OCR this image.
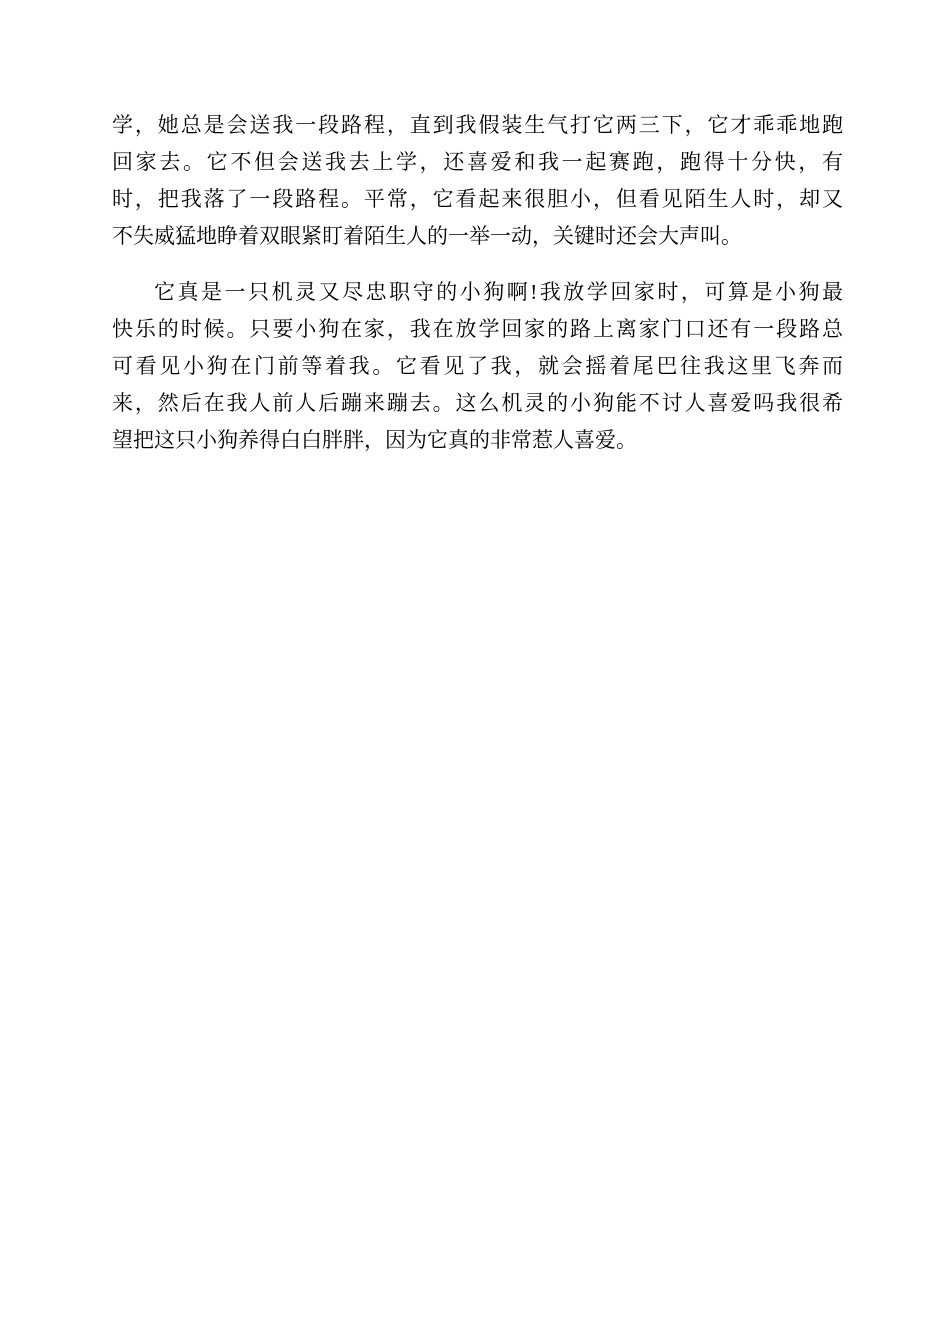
学，她总是会送我一段路程，直到我假装生气打它两三下，它才乖乖地跑
回家去。它不但会送我去上学，还喜爱和我一起赛跑，跑得十分快，有
时，把我落了一段路程。平常，它看起来很胆小，但看见陌生人时，却又
不失威猛地睁着双眼紧盯着陌生人的一举一动，关键时还会大声叫。
它真是一只机灵又尽忠职守的小狗啊!我放学回家时，可算是小狗最
快乐的时候。只要小狗在家，我在放学回家的路上离家门口还有一段路总
可看见小狗在门前等着我。它看见了我，就会摇着尾巴往我这里飞奔而
来，然后在我人前人后蹦来蹦去。这么机灵的小狗能不讨人喜爱吗我很希
望把这只小狗养得白白胖胖，因为它真的非常惹人喜爱。
